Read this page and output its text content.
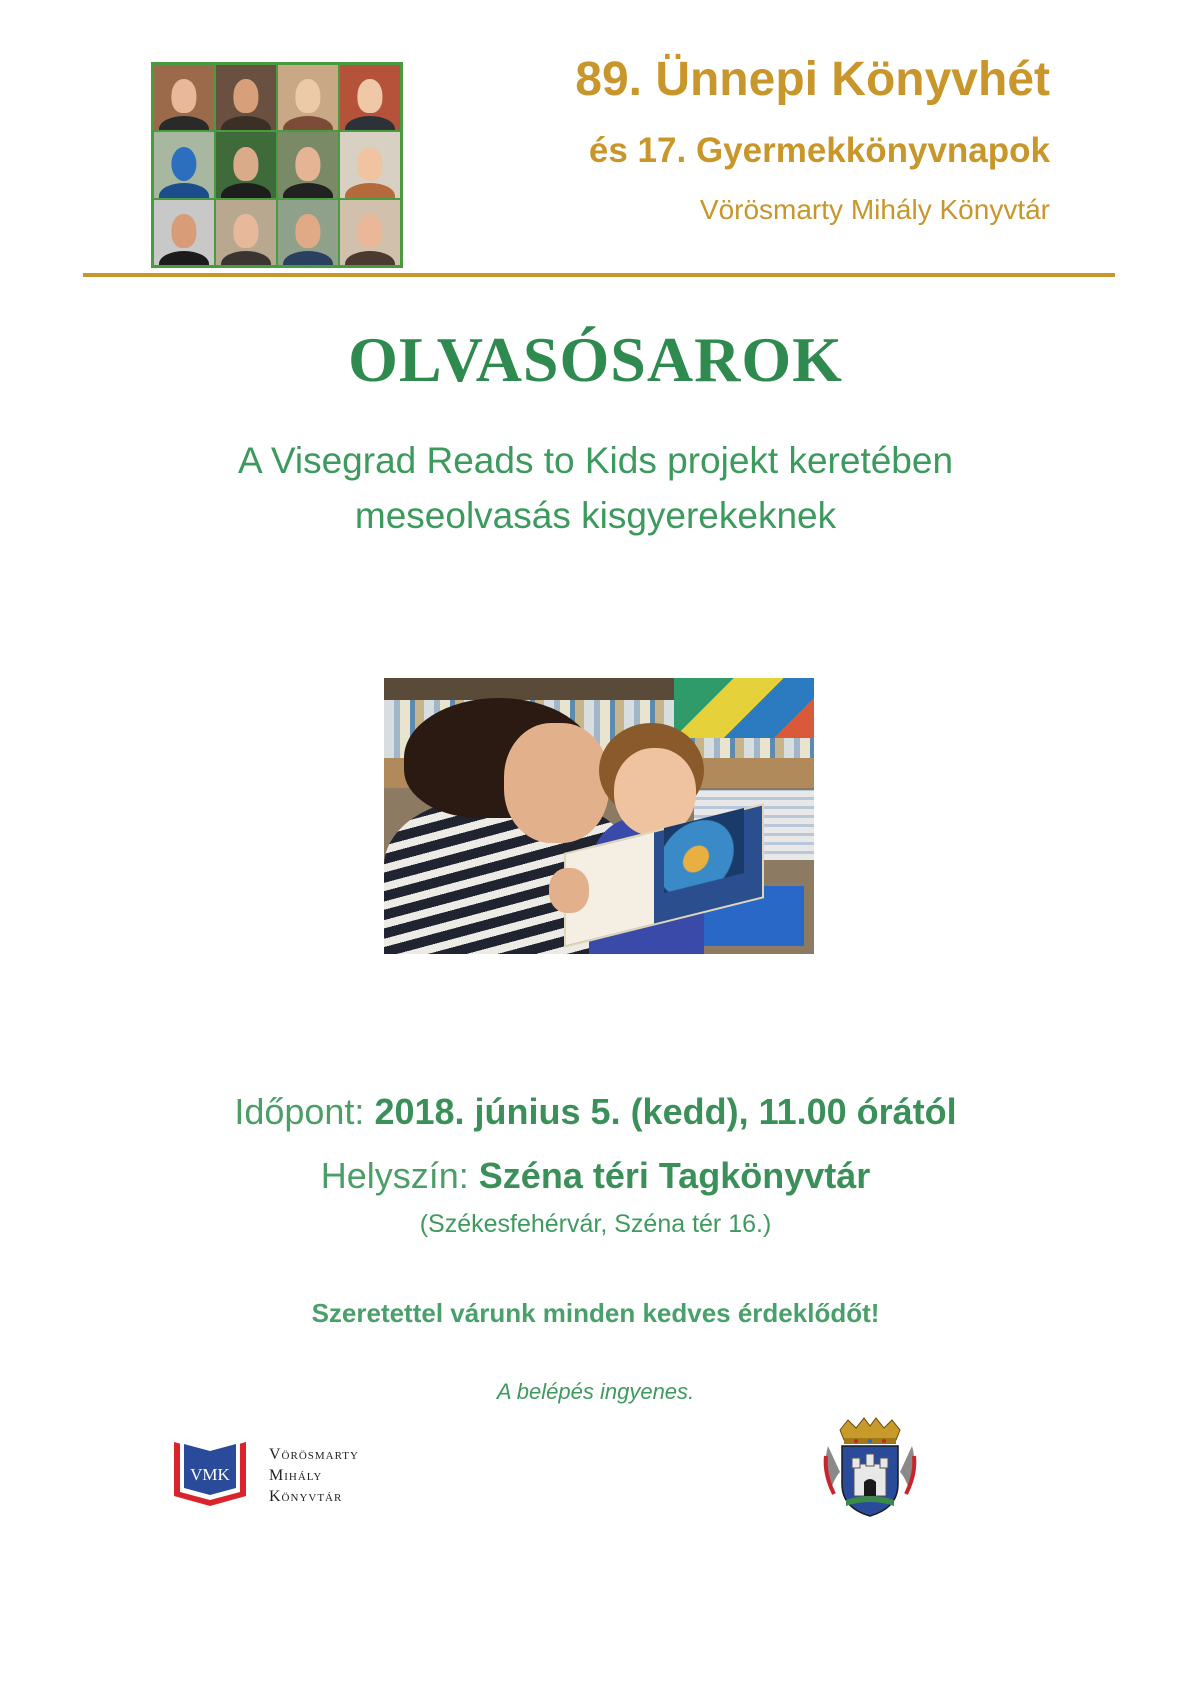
89. Ünnepi Könyvhét
és 17. Gyermekkönyvnapok
Vörösmarty Mihály Könyvtár
OLVASÓSAROK
A Visegrad Reads to Kids projekt keretében
meseolvasás kisgyerekeknek
Időpont: 2018. június 5. (kedd), 11.00 órától
Helyszín: Széna téri Tagkönyvtár
(Székesfehérvár, Széna tér 16.)
Szeretettel várunk minden kedves érdeklődőt!
A belépés ingyenes.
VMK
Vörösmarty
Mihály
Könyvtár
